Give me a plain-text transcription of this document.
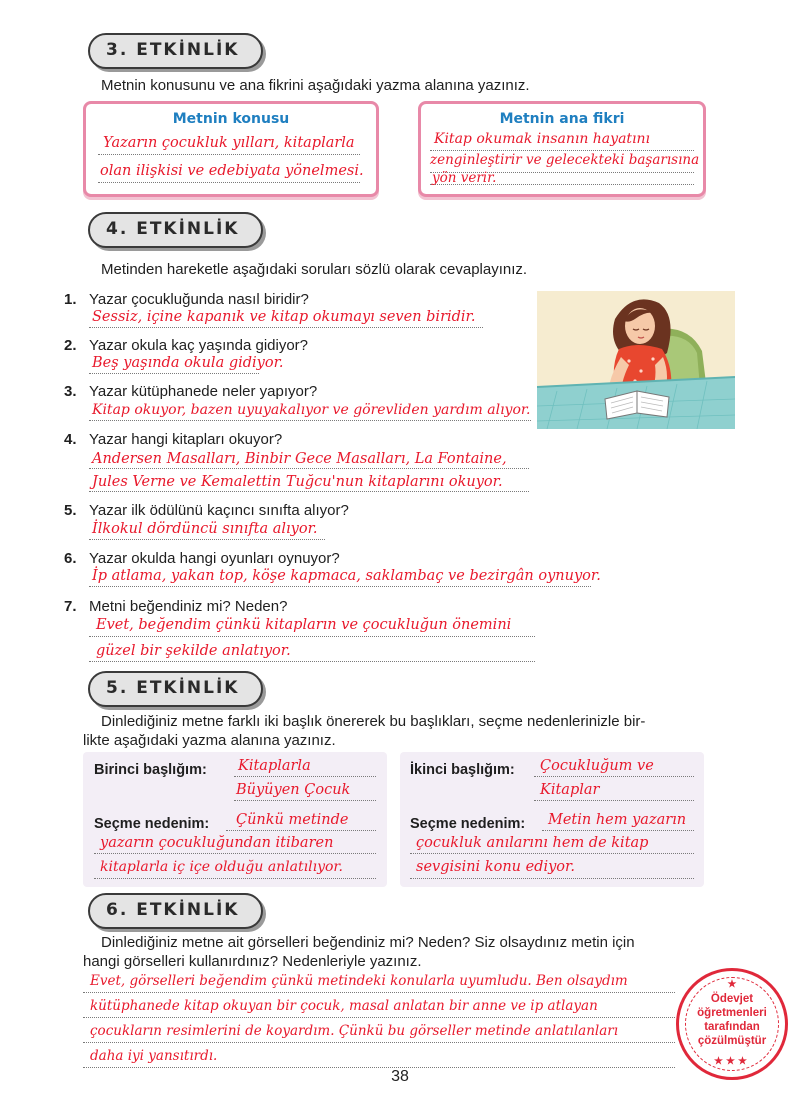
3. ETKİNLİK
Metnin konusunu ve ana fikrini aşağıdaki yazma alanına yazınız.
Metnin konusu
Yazarın çocukluk yılları, kitaplarla
olan ilişkisi ve edebiyata yönelmesi.
Metnin ana fikri
Kitap okumak insanın hayatını
zenginleştirir ve gelecekteki başarısına
yön verir.
4. ETKİNLİK
Metinden hareketle aşağıdaki soruları sözlü olarak cevaplayınız.
1. Yazar çocukluğunda nasıl biridir?
Sessiz, içine kapanık ve kitap okumayı seven biridir.
2. Yazar okula kaç yaşında gidiyor?
Beş yaşında okula gidiyor.
3. Yazar kütüphanede neler yapıyor?
Kitap okuyor, bazen uyuyakalıyor ve görevliden yardım alıyor.
4. Yazar hangi kitapları okuyor?
Andersen Masalları, Binbir Gece Masalları, La Fontaine,
Jules Verne ve Kemalettin Tuğcu'nun kitaplarını okuyor.
5. Yazar ilk ödülünü kaçıncı sınıfta alıyor?
İlkokul dördüncü sınıfta alıyor.
6. Yazar okulda hangi oyunları oynuyor?
İp atlama, yakan top, köşe kapmaca, saklambaç ve bezirgân oynuyor.
7. Metni beğendiniz mi? Neden?
Evet, beğendim çünkü kitapların ve çocukluğun önemini
güzel bir şekilde anlatıyor.
5. ETKİNLİK
Dinlediğiniz metne farklı iki başlık önererek bu başlıkları, seçme nedenlerinizle bir-
likte aşağıdaki yazma alanına yazınız.
Birinci başlığım: Kitaplarla
Büyüyen Çocuk
Seçme nedenim: Çünkü metinde
yazarın çocukluğundan itibaren
kitaplarla iç içe olduğu anlatılıyor.
İkinci başlığım: Çocukluğum ve
Kitaplar
Seçme nedenim: Metin hem yazarın
çocukluk anılarını hem de kitap
sevgisini konu ediyor.
6. ETKİNLİK
Dinlediğiniz metne ait görselleri beğendiniz mi? Neden? Siz olsaydınız metin için
hangi görselleri kullanırdınız? Nedenleriyle yazınız.
Evet, görselleri beğendim çünkü metindeki konularla uyumludu. Ben olsaydım
kütüphanede kitap okuyan bir çocuk, masal anlatan bir anne ve ip atlayan
çocukların resimlerini de koyardım. Çünkü bu görseller metinde anlatılanları
daha iyi yansıtırdı.
★
Ödevjet
öğretmenleri
tarafından
çözülmüştür
★★★
38
